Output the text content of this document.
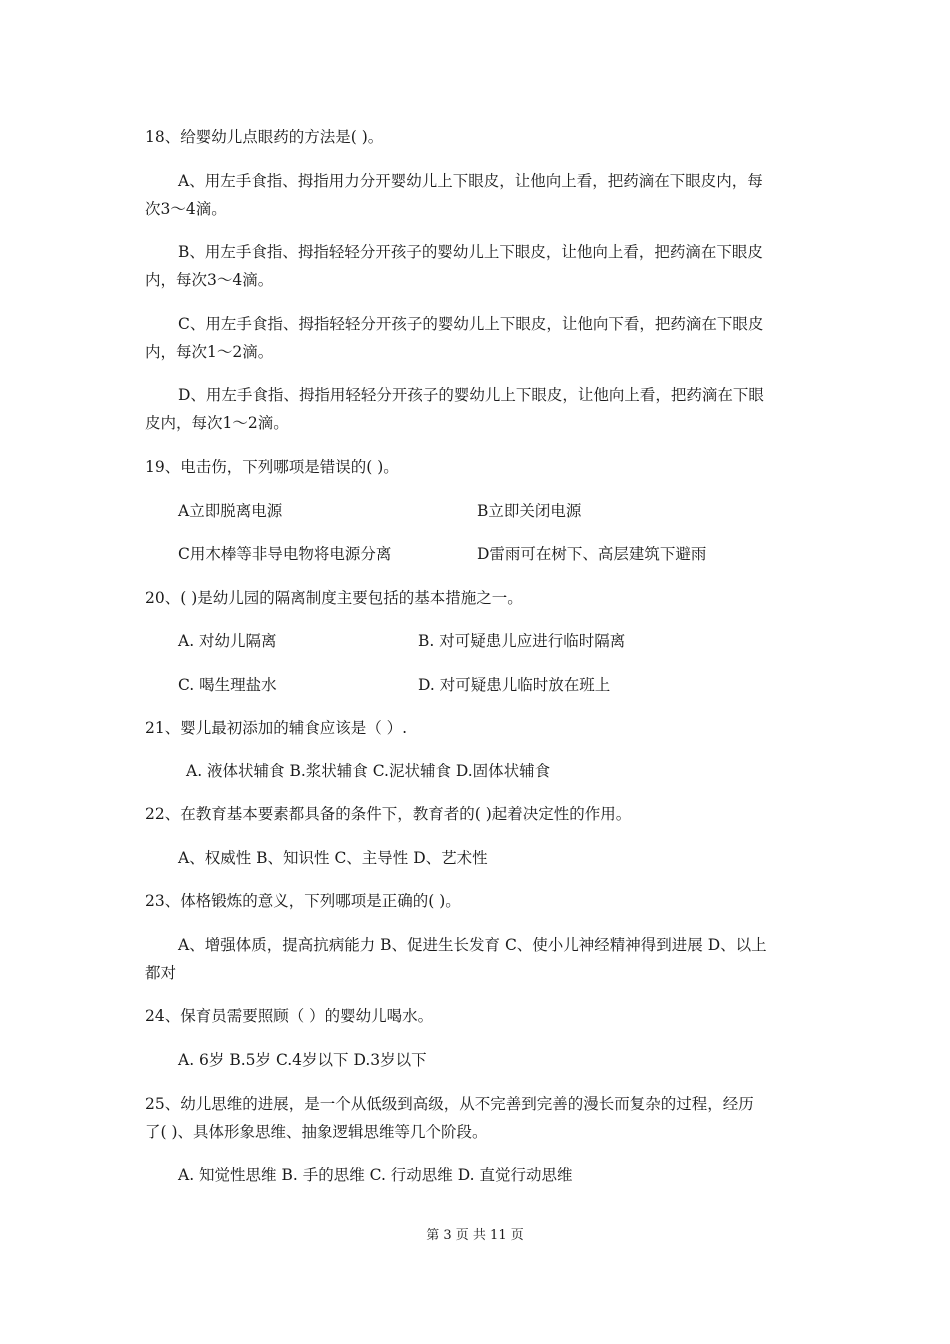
18、给婴幼儿点眼药的方法是( )。
A、用左手食指、拇指用力分开婴幼儿上下眼皮，让他向上看，把药滴在下眼皮内，每
次3～4滴。
B、用左手食指、拇指轻轻分开孩子的婴幼儿上下眼皮，让他向上看，把药滴在下眼皮
内，每次3～4滴。
C、用左手食指、拇指轻轻分开孩子的婴幼儿上下眼皮，让他向下看，把药滴在下眼皮
内，每次1～2滴。
D、用左手食指、拇指用轻轻分开孩子的婴幼儿上下眼皮，让他向上看，把药滴在下眼
皮内，每次1～2滴。
19、电击伤，下列哪项是错误的( )。
A立即脱离电源	B立即关闭电源
C用木棒等非导电物将电源分离	D雷雨可在树下、高层建筑下避雨
20、( )是幼儿园的隔离制度主要包括的基本措施之一。
A. 对幼儿隔离	B. 对可疑患儿应进行临时隔离
C. 喝生理盐水	D. 对可疑患儿临时放在班上
21、婴儿最初添加的辅食应该是（ ）.
A. 液体状辅食 B.浆状辅食 C.泥状辅食 D.固体状辅食
22、在教育基本要素都具备的条件下，教育者的( )起着决定性的作用。
A、权威性 B、知识性 C、主导性 D、艺术性
23、体格锻炼的意义，下列哪项是正确的( )。
A、增强体质，提高抗病能力 B、促进生长发育 C、使小儿神经精神得到进展 D、以上
都对
24、保育员需要照顾（ ）的婴幼儿喝水。
A. 6岁 B.5岁 C.4岁以下 D.3岁以下
25、幼儿思维的进展，是一个从低级到高级，从不完善到完善的漫长而复杂的过程，经历
了( )、具体形象思维、抽象逻辑思维等几个阶段。
A. 知觉性思维 B. 手的思维 C. 行动思维 D. 直觉行动思维
第 3 页 共 11 页
